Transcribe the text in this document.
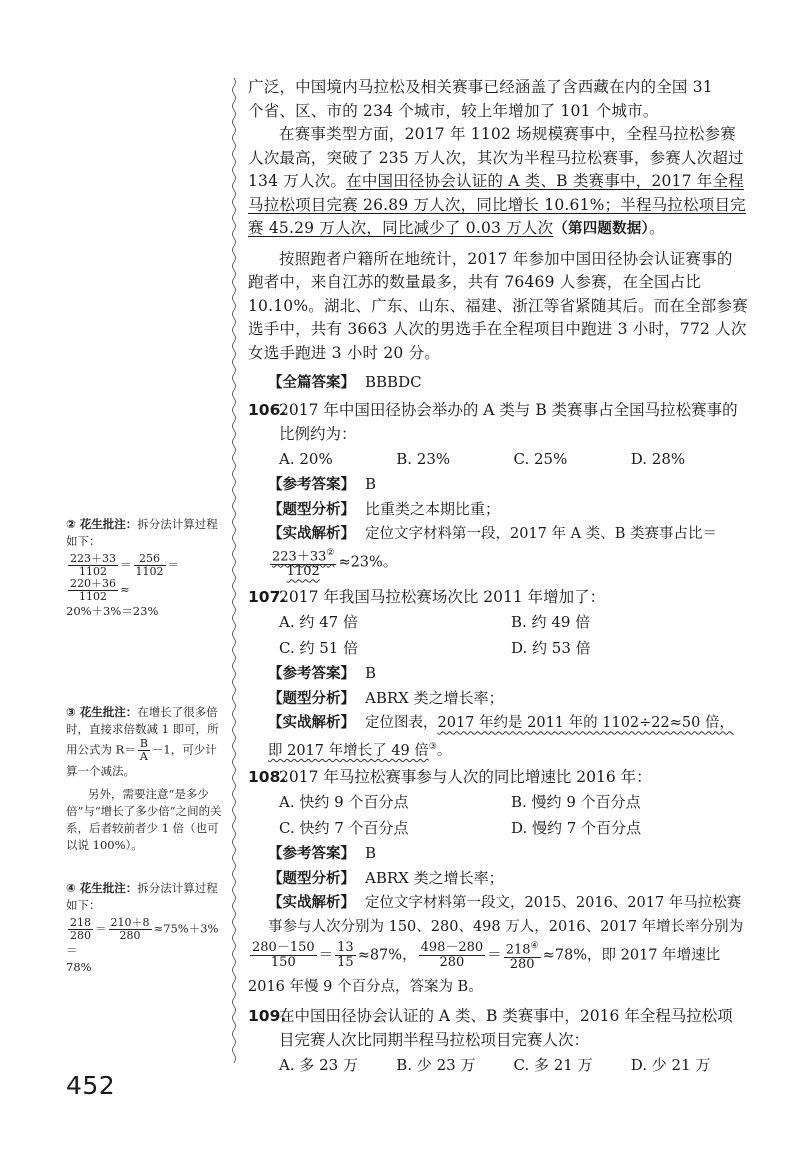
广泛，中国境内马拉松及相关赛事已经涵盖了含西藏在内的全国 31

个省、区、市的 234 个城市，较上年增加了 101 个城市。

在赛事类型方面，2017 年 1102 场规模赛事中，全程马拉松参赛人次最高，突破了 235 万人次，其次为半程马拉松赛事，参赛人次超过 134 万人次。在中国田径协会认证的 A 类、B 类赛事中，2017 年全程马拉松项目完赛 26.89 万人次，同比增长 10.61%；半程马拉松项目完赛 45.29 万人次，同比减少了 0.03 万人次（第四题数据）。

按照跑者户籍所在地统计，2017 年参加中国田径协会认证赛事的跑者中，来自江苏的数量最多，共有 76469 人参赛，在全国占比 10.10%。湖北、广东、山东、福建、浙江等省紧随其后。而在全部参赛选手中，共有 3663 人次的男选手在全程项目中跑进 3 小时，772 人次女选手跑进 3 小时 20 分。

【全篇答案】 BBBDC

106.
2017 年中国田径协会举办的 A 类与 B 类赛事占全国马拉松赛事的比例约为：

A. 20%	B. 23%	C. 25%	D. 28%

【参考答案】 B

【题型分析】 比重类之本期比重；

【实战解析】 定位文字材料第一段，2017 年 A 类、B 类赛事占比＝
$\frac{223+33^②}{1102} \approx 23\%$。

107.
2017 年我国马拉松赛场次比 2011 年增加了：

A. 约 47 倍	B. 约 49 倍
C. 约 51 倍	D. 约 53 倍

【参考答案】 B

【题型分析】 ABRX 类之增长率；

【实战解析】 定位图表，2017 年约是 2011 年的 1102÷22≈50 倍，即 2017 年增长了 49 倍③。

108.
2017 年马拉松赛事参与人次的同比增速比 2016 年：

A. 快约 9 个百分点	B. 慢约 9 个百分点
C. 快约 7 个百分点	D. 慢约 7 个百分点

【参考答案】 B

【题型分析】 ABRX 类之增长率；

【实战解析】 定位文字材料第一段文，2015、2016、2017 年马拉松赛事参与人次分别为 150、280、498 万人，2016、2017 年增长率分别为

$\frac{280-150}{150} = \frac{13}{15} \approx 87\%$， $\frac{498-280}{280} = \frac{218^④}{280} \approx 78\%$，即 2017 年增速比 2016 年慢 9 个百分点，答案为 B。

109.
在中国田径协会认证的 A 类、B 类赛事中，2016 年全程马拉松项目完赛人次比同期半程马拉松项目完赛人次：

A. 多 23 万	B. 少 23 万	C. 多 21 万	D. 少 21 万
② 花生批注：拆分法计算过程如下：
$\frac{223+33}{1102} = \frac{256}{1102}$ ＝
$\frac{220+36}{1102}$ ≈
20%＋3%＝23%
③ 花生批注：在增长了很多倍时，直接求倍数减 1 即可，所用公式为 $R= \frac{B}{A} -1$，可少计算一个减法。
另外，需要注意“是多少倍”与“增长了多少倍”之间的关系，后者较前者少 1 倍（也可以说 100%）。
④ 花生批注：拆分法计算过程如下：
$\frac{218}{280} = \frac{210+8}{280} \approx 75\%+3\%=$
78%
452
